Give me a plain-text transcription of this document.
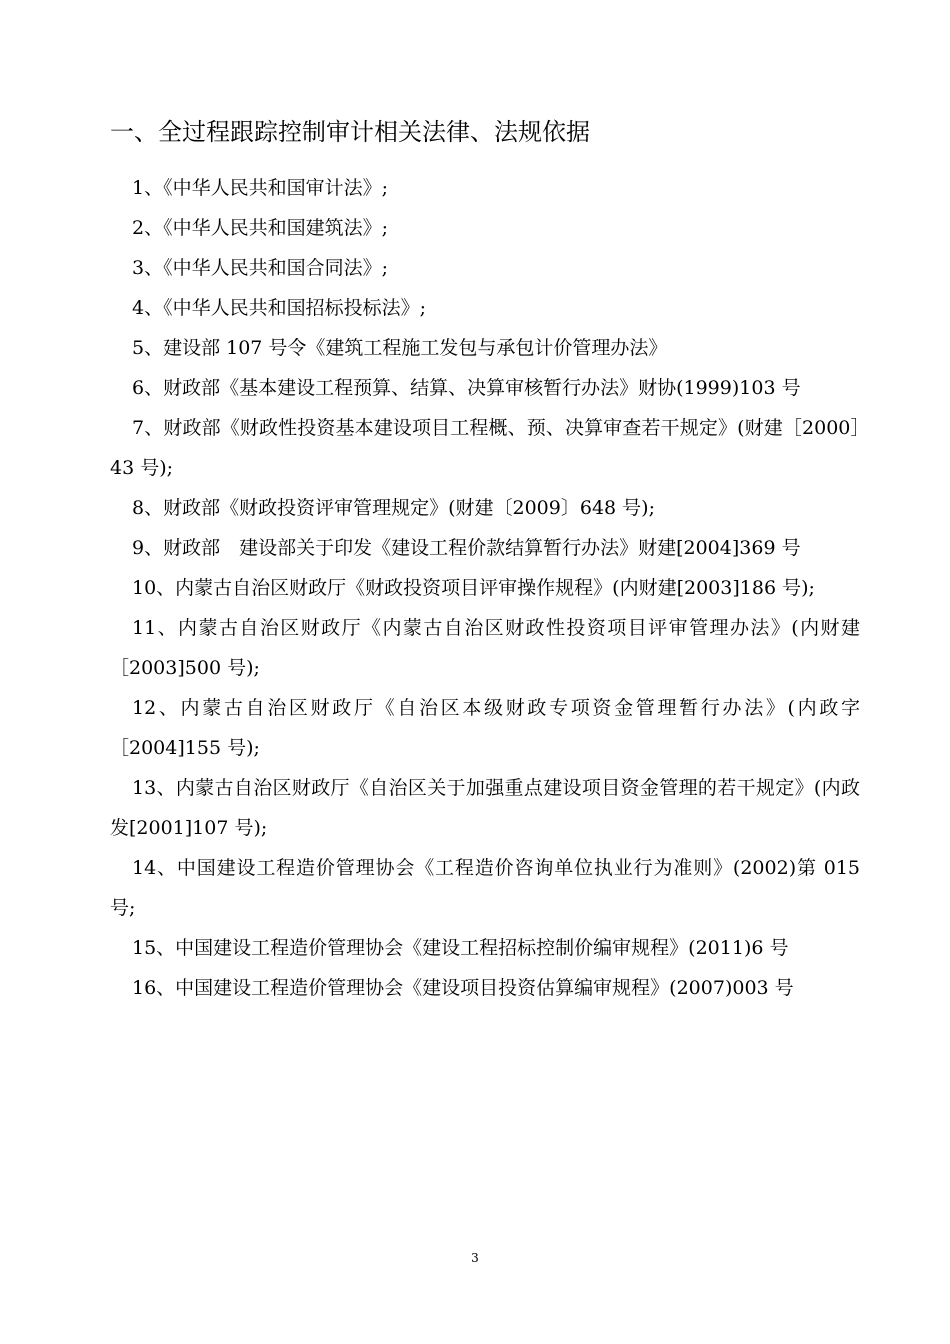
一、全过程跟踪控制审计相关法律、法规依据
1、《中华人民共和国审计法》;
2、《中华人民共和国建筑法》;
3、《中华人民共和国合同法》;
4、《中华人民共和国招标投标法》;
5、建设部 107 号令《建筑工程施工发包与承包计价管理办法》
6、财政部《基本建设工程预算、结算、决算审核暂行办法》财协(1999)103 号
7、财政部《财政性投资基本建设项目工程概、预、决算审查若干规定》(财建［2000］43 号);
8、财政部《财政投资评审管理规定》(财建〔2009〕648 号);
9、财政部　建设部关于印发《建设工程价款结算暂行办法》财建[2004]369 号
10、内蒙古自治区财政厅《财政投资项目评审操作规程》(内财建[2003]186 号);
11、内蒙古自治区财政厅《内蒙古自治区财政性投资项目评审管理办法》(内财建［2003]500 号);
12、内蒙古自治区财政厅《自治区本级财政专项资金管理暂行办法》(内政字［2004]155 号);
13、内蒙古自治区财政厅《自治区关于加强重点建设项目资金管理的若干规定》(内政发[2001]107 号);
14、中国建设工程造价管理协会《工程造价咨询单位执业行为准则》(2002)第 015 号;
15、中国建设工程造价管理协会《建设工程招标控制价编审规程》(2011)6 号
16、中国建设工程造价管理协会《建设项目投资估算编审规程》(2007)003 号
3
